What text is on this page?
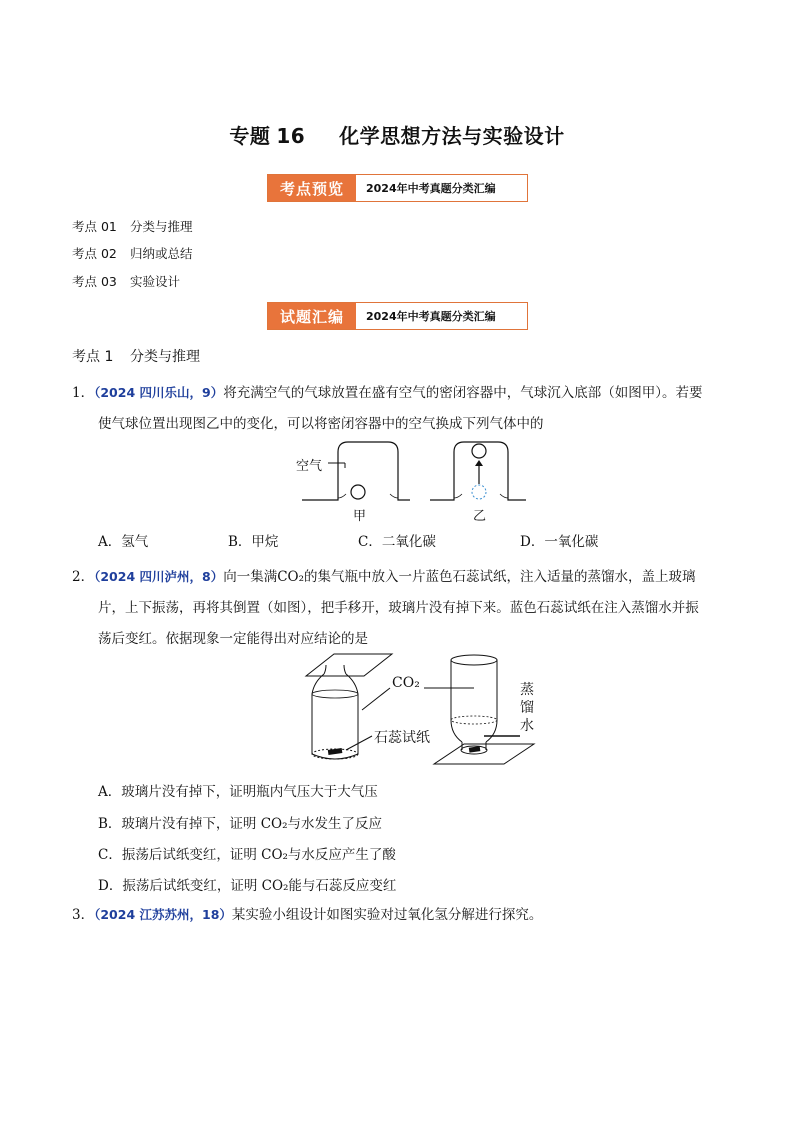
专题 16 化学思想方法与实验设计
考点预览	2024年中考真题分类汇编
考点 01 分类与推理
考点 02 归纳或总结
考点 03 实验设计
试题汇编	2024年中考真题分类汇编
考点 1 分类与推理
1．（2024 四川乐山，9）将充满空气的气球放置在盛有空气的密闭容器中，气球沉入底部（如图甲）。若要
使气球位置出现图乙中的变化，可以将密闭容器中的空气换成下列气体中的
空气
甲	乙
A．氢气	B．甲烷	C．二氧化碳	D．一氧化碳
2．（2024 四川泸州，8）向一集满CO₂的集气瓶中放入一片蓝色石蕊试纸，注入适量的蒸馏水，盖上玻璃
片，上下振荡，再将其倒置（如图），把手移开，玻璃片没有掉下来。蓝色石蕊试纸在注入蒸馏水并振
荡后变红。依据现象一定能得出对应结论的是
CO₂
石蕊试纸
蒸
馏
水
A．玻璃片没有掉下，证明瓶内气压大于大气压
B．玻璃片没有掉下，证明 CO₂与水发生了反应
C．振荡后试纸变红，证明 CO₂与水反应产生了酸
D．振荡后试纸变红，证明 CO₂能与石蕊反应变红
3．（2024 江苏苏州，18）某实验小组设计如图实验对过氧化氢分解进行探究。
